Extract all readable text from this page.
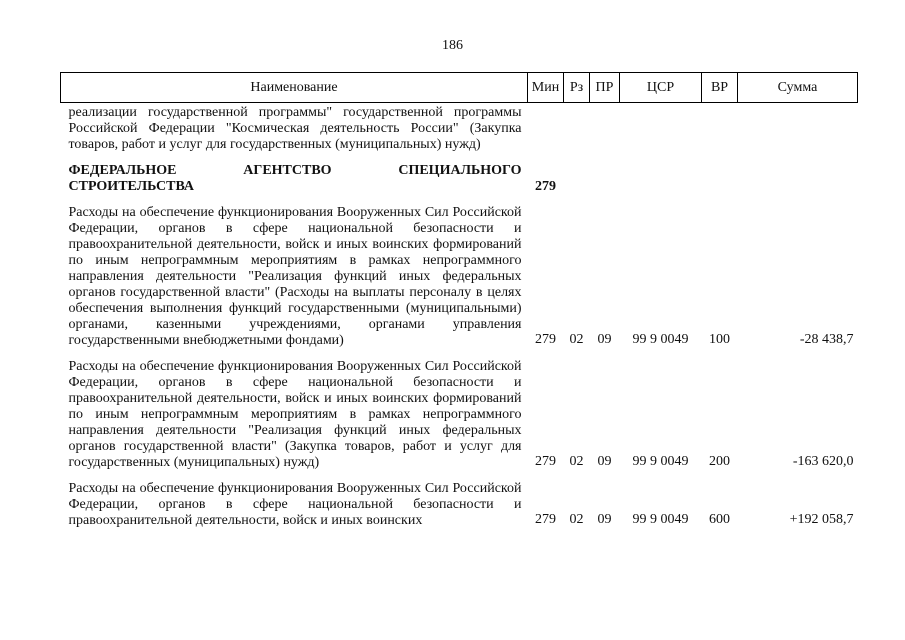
186
Наименование	Мин	Рз	ПР	ЦСР	ВР	Сумма
реализации государственной программы" государственной программы Российской Федерации "Космическая деятельность России" (Закупка товаров, работ и услуг для государственных (муниципальных) нужд)						

ФЕДЕРАЛЬНОЕ АГЕНТСТВО СПЕЦИАЛЬНОГО СТРОИТЕЛЬСТВА	279					

Расходы на обеспечение функционирования Вооруженных Сил Российской Федерации, органов в сфере национальной безопасности и правоохранительной деятельности, войск и иных воинских формирований по иным непрограммным мероприятиям в рамках непрограммного направления деятельности "Реализация функций иных федеральных органов государственной власти" (Расходы на выплаты персоналу в целях обеспечения выполнения функций государственными (муниципальными) органами, казенными учреждениями, органами управления государственными внебюджетными фондами)	279	02	09	99 9 0049	100	-28 438,7

Расходы на обеспечение функционирования Вооруженных Сил Российской Федерации, органов в сфере национальной безопасности и правоохранительной деятельности, войск и иных воинских формирований по иным непрограммным мероприятиям в рамках непрограммного направления деятельности "Реализация функций иных федеральных органов государственной власти" (Закупка товаров, работ и услуг для государственных (муниципальных) нужд)	279	02	09	99 9 0049	200	-163 620,0

Расходы на обеспечение функционирования Вооруженных Сил Российской Федерации, органов в сфере национальной безопасности и правоохранительной деятельности, войск и иных воинских	279	02	09	99 9 0049	600	+192 058,7
